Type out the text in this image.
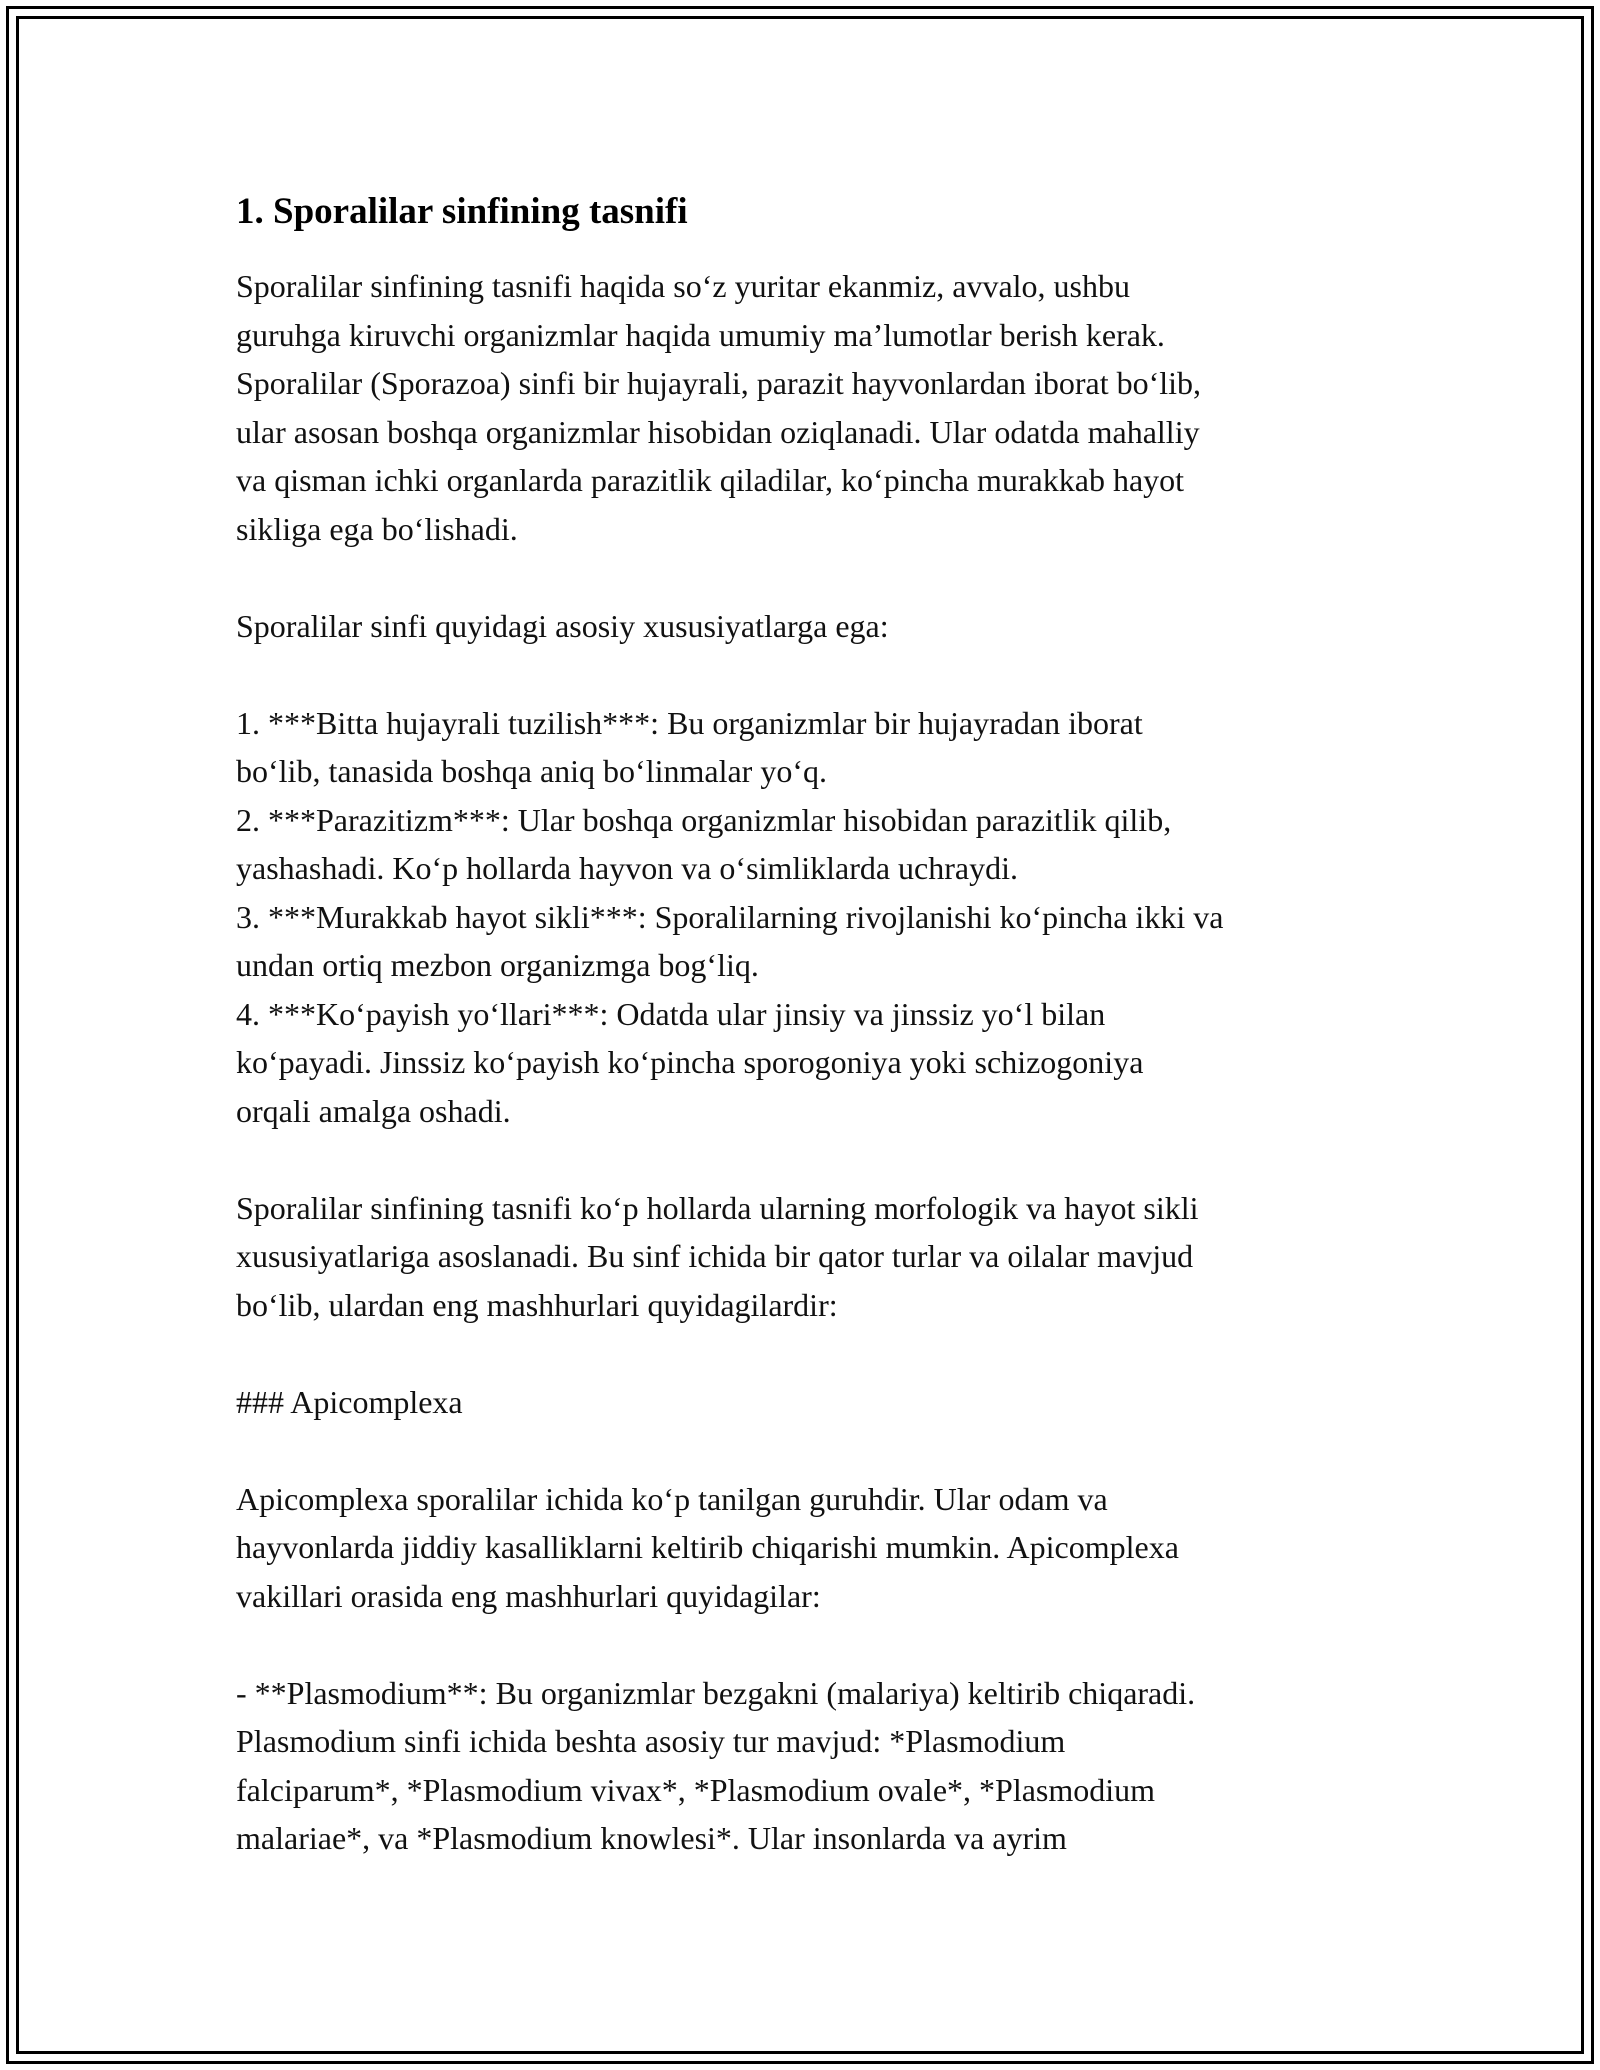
1. Sporalilar sinfining tasnifi

Sporalilar sinfining tasnifi haqida so‘z yuritar ekanmiz, avvalo, ushbu

guruhga kiruvchi organizmlar haqida umumiy ma’lumotlar berish kerak.

Sporalilar (Sporazoa) sinfi bir hujayrali, parazit hayvonlardan iborat bo‘lib,

ular asosan boshqa organizmlar hisobidan oziqlanadi. Ular odatda mahalliy

va qisman ichki organlarda parazitlik qiladilar, ko‘pincha murakkab hayot

sikliga ega bo‘lishadi.

Sporalilar sinfi quyidagi asosiy xususiyatlarga ega:

1. ***Bitta hujayrali tuzilish***: Bu organizmlar bir hujayradan iborat

bo‘lib, tanasida boshqa aniq bo‘linmalar yo‘q.

2. ***Parazitizm***: Ular boshqa organizmlar hisobidan parazitlik qilib,

yashashadi. Ko‘p hollarda hayvon va o‘simliklarda uchraydi.

3. ***Murakkab hayot sikli***: Sporalilarning rivojlanishi ko‘pincha ikki va

undan ortiq mezbon organizmga bog‘liq.

4. ***Ko‘payish yo‘llari***: Odatda ular jinsiy va jinssiz yo‘l bilan

ko‘payadi. Jinssiz ko‘payish ko‘pincha sporogoniya yoki schizogoniya

orqali amalga oshadi.

Sporalilar sinfining tasnifi ko‘p hollarda ularning morfologik va hayot sikli

xususiyatlariga asoslanadi. Bu sinf ichida bir qator turlar va oilalar mavjud

bo‘lib, ulardan eng mashhurlari quyidagilardir:

### Apicomplexa

Apicomplexa sporalilar ichida ko‘p tanilgan guruhdir. Ular odam va

hayvonlarda jiddiy kasalliklarni keltirib chiqarishi mumkin. Apicomplexa

vakillari orasida eng mashhurlari quyidagilar:

- **Plasmodium**: Bu organizmlar bezgakni (malariya) keltirib chiqaradi.

Plasmodium sinfi ichida beshta asosiy tur mavjud: *Plasmodium

falciparum*, *Plasmodium vivax*, *Plasmodium ovale*, *Plasmodium

malariae*, va *Plasmodium knowlesi*. Ular insonlarda va ayrim
